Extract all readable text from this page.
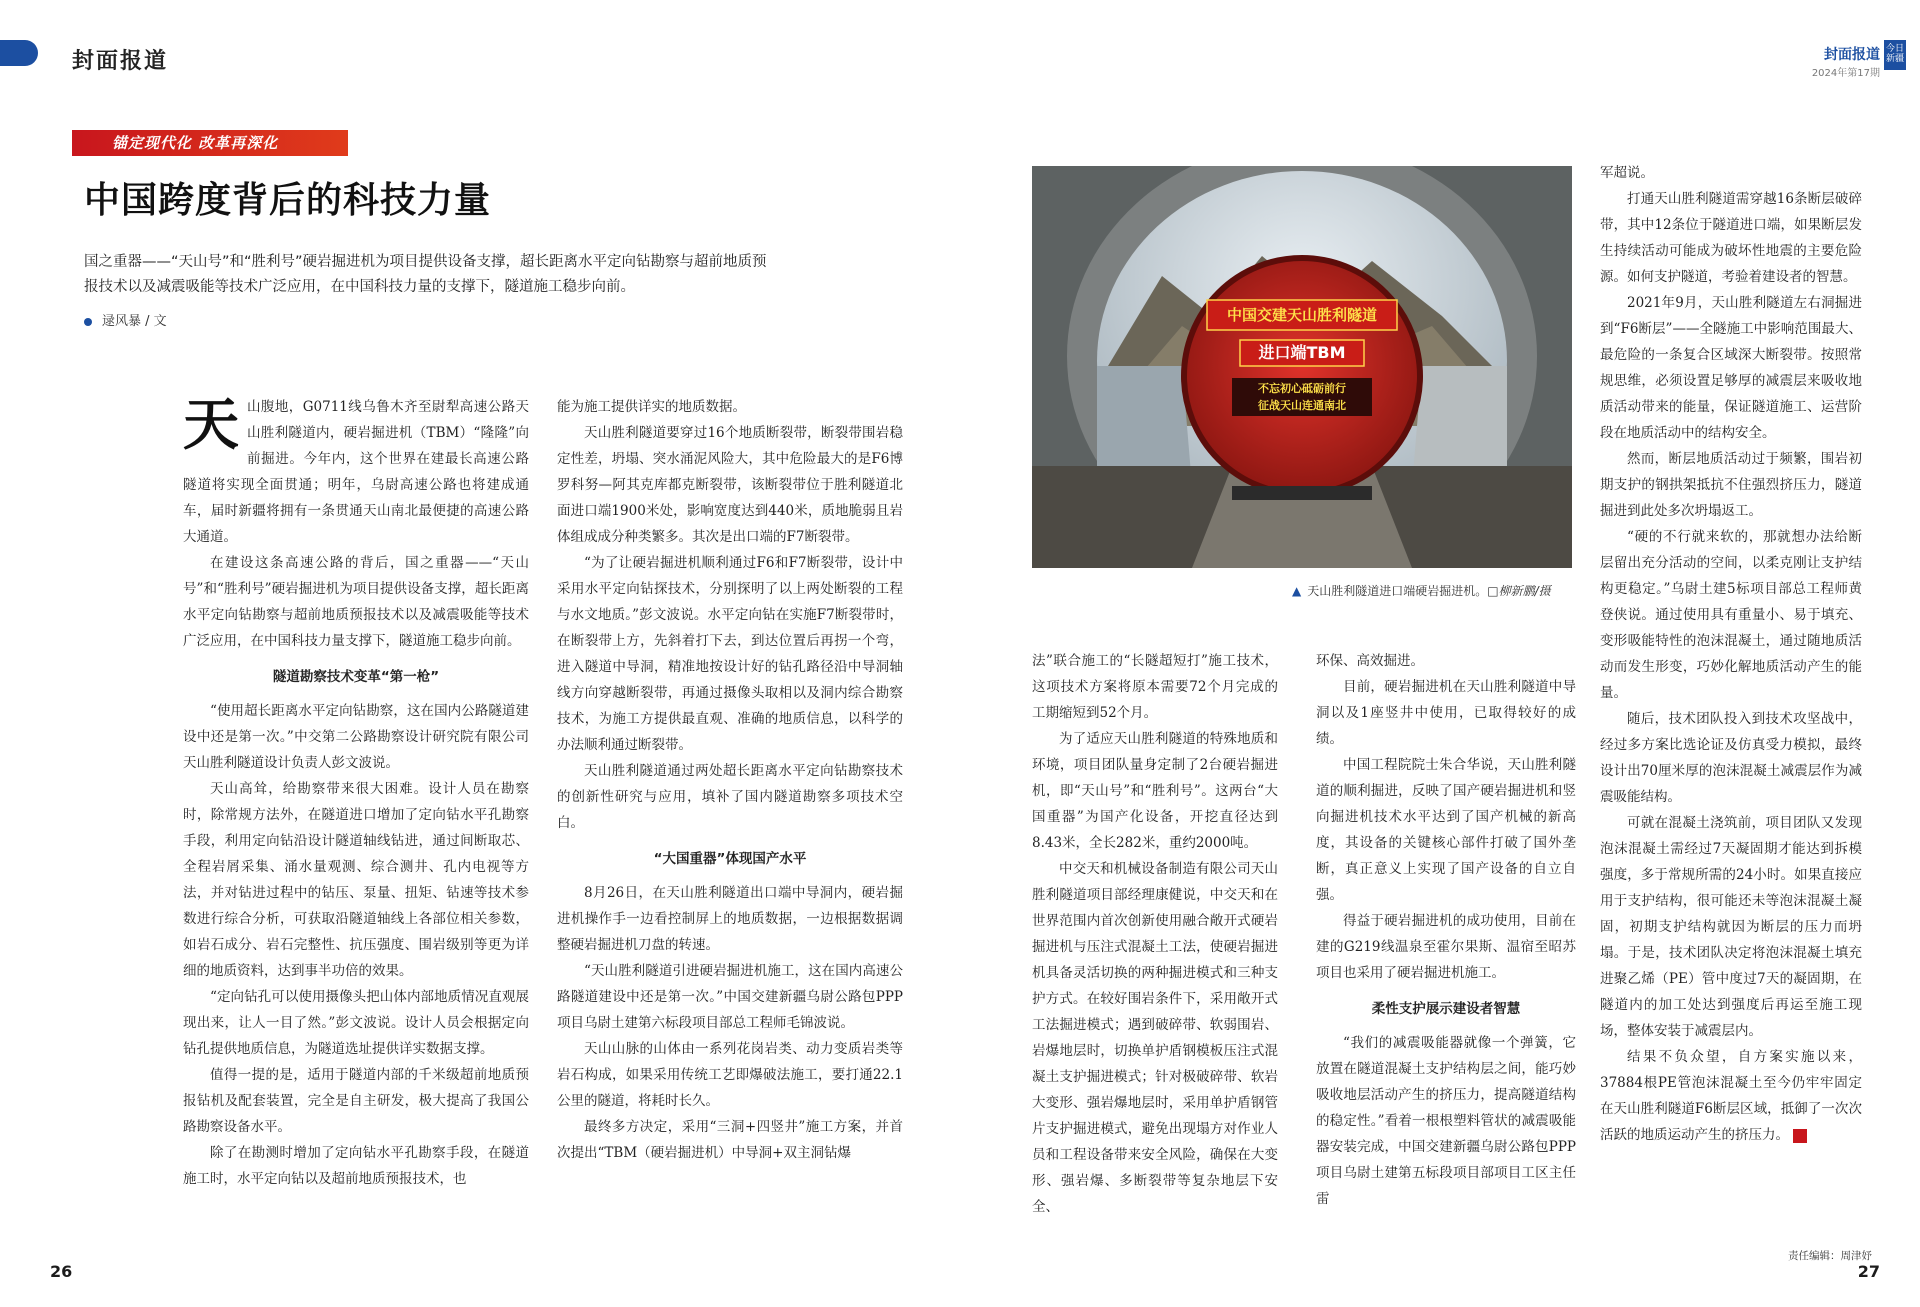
封面报道	封面报道
2024年第17期
今日
新疆
锚定现代化 改革再深化
中国跨度背后的科技力量

国之重器——“天山号”和“胜利号”硬岩掘进机为项目提供设备支撑，超长距离水平定向钻勘察与超前地质预报技术以及减震吸能等技术广泛应用，在中国科技力量的支撑下，隧道施工稳步向前。

逯风暴 / 文

天山腹地，G0711线乌鲁木齐至尉犁高速公路天山胜利隧道内，硬岩掘进机（TBM）“隆隆”向前掘进。今年内，这个世界在建最长高速公路隧道将实现全面贯通；明年，乌尉高速公路也将建成通车，届时新疆将拥有一条贯通天山南北最便捷的高速公路大通道。

在建设这条高速公路的背后，国之重器——“天山号”和“胜利号”硬岩掘进机为项目提供设备支撑，超长距离水平定向钻勘察与超前地质预报技术以及减震吸能等技术广泛应用，在中国科技力量支撑下，隧道施工稳步向前。

隧道勘察技术变革“第一枪”

“使用超长距离水平定向钻勘察，这在国内公路隧道建设中还是第一次。”中交第二公路勘察设计研究院有限公司天山胜利隧道设计负责人彭文波说。

天山高耸，给勘察带来很大困难。设计人员在勘察时，除常规方法外，在隧道进口增加了定向钻水平孔勘察手段，利用定向钻沿设计隧道轴线钻进，通过间断取芯、全程岩屑采集、涌水量观测、综合测井、孔内电视等方法，并对钻进过程中的钻压、泵量、扭矩、钻速等技术参数进行综合分析，可获取沿隧道轴线上各部位相关参数，如岩石成分、岩石完整性、抗压强度、围岩级别等更为详细的地质资料，达到事半功倍的效果。

“定向钻孔可以使用摄像头把山体内部地质情况直观展现出来，让人一目了然。”彭文波说。设计人员会根据定向钻孔提供地质信息，为隧道选址提供详实数据支撑。

值得一提的是，适用于隧道内部的千米级超前地质预报钻机及配套装置，完全是自主研发，极大提高了我国公路勘察设备水平。

除了在勘测时增加了定向钻水平孔勘察手段，在隧道施工时，水平定向钻以及超前地质预报技术，也

能为施工提供详实的地质数据。

天山胜利隧道要穿过16个地质断裂带，断裂带围岩稳定性差，坍塌、突水涌泥风险大，其中危险最大的是F6博罗科努—阿其克库都克断裂带，该断裂带位于胜利隧道北面进口端1900米处，影响宽度达到440米，质地脆弱且岩体组成成分种类繁多。其次是出口端的F7断裂带。

“为了让硬岩掘进机顺利通过F6和F7断裂带，设计中采用水平定向钻探技术，分别探明了以上两处断裂的工程与水文地质。”彭文波说。水平定向钻在实施F7断裂带时，在断裂带上方，先斜着打下去，到达位置后再拐一个弯，进入隧道中导洞，精准地按设计好的钻孔路径沿中导洞轴线方向穿越断裂带，再通过摄像头取相以及洞内综合勘察技术，为施工方提供最直观、准确的地质信息，以科学的办法顺利通过断裂带。

天山胜利隧道通过两处超长距离水平定向钻勘察技术的创新性研究与应用，填补了国内隧道勘察多项技术空白。

“大国重器”体现国产水平

8月26日，在天山胜利隧道出口端中导洞内，硬岩掘进机操作手一边看控制屏上的地质数据，一边根据数据调整硬岩掘进机刀盘的转速。

“天山胜利隧道引进硬岩掘进机施工，这在国内高速公路隧道建设中还是第一次。”中国交建新疆乌尉公路包PPP项目乌尉土建第六标段项目部总工程师毛锦波说。

天山山脉的山体由一系列花岗岩类、动力变质岩类等岩石构成，如果采用传统工艺即爆破法施工，要打通22.1公里的隧道，将耗时长久。

最终多方决定，采用“三洞+四竖井”施工方案，并首次提出“TBM（硬岩掘进机）中导洞+双主洞钻爆

中国交建天山胜利隧道
进口端TBM
不忘初心砥砺前行
征战天山连通南北
▲ 天山胜利隧道进口端硬岩掘进机。□柳新鹏/摄

法”联合施工的“长隧超短打”施工技术，这项技术方案将原本需要72个月完成的工期缩短到52个月。

为了适应天山胜利隧道的特殊地质和环境，项目团队量身定制了2台硬岩掘进机，即“天山号”和“胜利号”。这两台“大国重器”为国产化设备，开挖直径达到8.43米，全长282米，重约2000吨。

中交天和机械设备制造有限公司天山胜利隧道项目部经理康健说，中交天和在世界范围内首次创新使用融合敞开式硬岩掘进机与压注式混凝土工法，使硬岩掘进机具备灵活切换的两种掘进模式和三种支护方式。在较好围岩条件下，采用敞开式工法掘进模式；遇到破碎带、软弱围岩、岩爆地层时，切换单护盾钢模板压注式混凝土支护掘进模式；针对极破碎带、软岩大变形、强岩爆地层时，采用单护盾钢管片支护掘进模式，避免出现塌方对作业人员和工程设备带来安全风险，确保在大变形、强岩爆、多断裂带等复杂地层下安全、

环保、高效掘进。

目前，硬岩掘进机在天山胜利隧道中导洞以及1座竖井中使用，已取得较好的成绩。

中国工程院院士朱合华说，天山胜利隧道的顺利掘进，反映了国产硬岩掘进机和竖向掘进机技术水平达到了国产机械的新高度，其设备的关键核心部件打破了国外垄断，真正意义上实现了国产设备的自立自强。

得益于硬岩掘进机的成功使用，目前在建的G219线温泉至霍尔果斯、温宿至昭苏项目也采用了硬岩掘进机施工。

柔性支护展示建设者智慧

“我们的减震吸能器就像一个弹簧，它放置在隧道混凝土支护结构层之间，能巧妙吸收地层活动产生的挤压力，提高隧道结构的稳定性。”看着一根根塑料管状的减震吸能器安装完成，中国交建新疆乌尉公路包PPP项目乌尉土建第五标段项目部项目工区主任雷

军超说。

打通天山胜利隧道需穿越16条断层破碎带，其中12条位于隧道进口端，如果断层发生持续活动可能成为破坏性地震的主要危险源。如何支护隧道，考验着建设者的智慧。

2021年9月，天山胜利隧道左右洞掘进到“F6断层”——全隧施工中影响范围最大、最危险的一条复合区域深大断裂带。按照常规思维，必须设置足够厚的减震层来吸收地质活动带来的能量，保证隧道施工、运营阶段在地质活动中的结构安全。

然而，断层地质活动过于频繁，围岩初期支护的钢拱架抵抗不住强烈挤压力，隧道掘进到此处多次坍塌返工。

“硬的不行就来软的，那就想办法给断层留出充分活动的空间，以柔克刚让支护结构更稳定。”乌尉土建5标项目部总工程师黄登侠说。通过使用具有重量小、易于填充、变形吸能特性的泡沫混凝土，通过随地质活动而发生形变，巧妙化解地质活动产生的能量。

随后，技术团队投入到技术攻坚战中，经过多方案比选论证及仿真受力模拟，最终设计出70厘米厚的泡沫混凝土减震层作为减震吸能结构。

可就在混凝土浇筑前，项目团队又发现泡沫混凝土需经过7天凝固期才能达到拆模强度，多于常规所需的24小时。如果直接应用于支护结构，很可能还未等泡沫混凝土凝固，初期支护结构就因为断层的压力而坍塌。于是，技术团队决定将泡沫混凝土填充进聚乙烯（PE）管中度过7天的凝固期，在隧道内的加工处达到强度后再运至施工现场，整体安装于减震层内。

结果不负众望，自方案实施以来，37884根PE管泡沫混凝土至今仍牢牢固定在天山胜利隧道F6断层区域，抵御了一次次活跃的地质运动产生的挤压力。

26	27
责任编辑：周津妤
